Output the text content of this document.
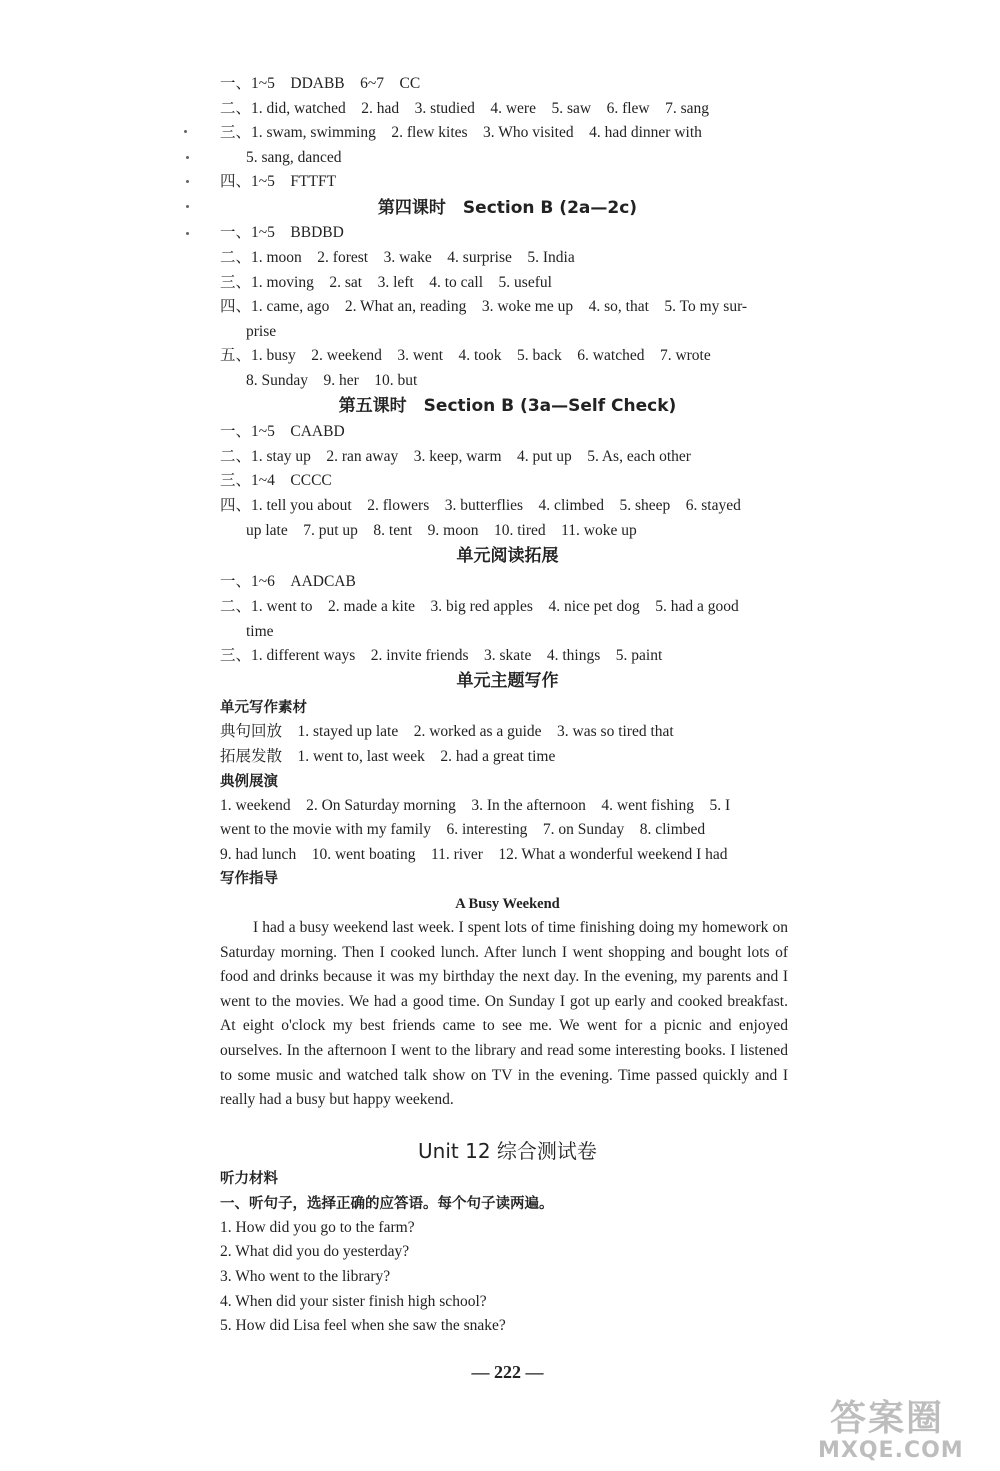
一、1~5　DDABB　6~7　CC
二、1. did, watched　2. had　3. studied　4. were　5. saw　6. flew　7. sang
三、1. swam, swimming　2. flew kites　3. Who visited　4. had dinner with
5. sang, danced
四、1~5　FTTFT
第四课时　Section B (2a—2c)
一、1~5　BBDBD
二、1. moon　2. forest　3. wake　4. surprise　5. India
三、1. moving　2. sat　3. left　4. to call　5. useful
四、1. came, ago　2. What an, reading　3. woke me up　4. so, that　5. To my sur-
prise
五、1. busy　2. weekend　3. went　4. took　5. back　6. watched　7. wrote
8. Sunday　9. her　10. but
第五课时　Section B (3a—Self Check)
一、1~5　CAABD
二、1. stay up　2. ran away　3. keep, warm　4. put up　5. As, each other
三、1~4　CCCC
四、1. tell you about　2. flowers　3. butterflies　4. climbed　5. sheep　6. stayed
up late　7. put up　8. tent　9. moon　10. tired　11. woke up
单元阅读拓展
一、1~6　AADCAB
二、1. went to　2. made a kite　3. big red apples　4. nice pet dog　5. had a good
time
三、1. different ways　2. invite friends　3. skate　4. things　5. paint
单元主题写作
单元写作素材
典句回放　1. stayed up late　2. worked as a guide　3. was so tired that
拓展发散　1. went to, last week　2. had a great time
典例展演
1. weekend　2. On Saturday morning　3. In the afternoon　4. went fishing　5. I
went to the movie with my family　6. interesting　7. on Sunday　8. climbed
9. had lunch　10. went boating　11. river　12. What a wonderful weekend I had
写作指导
A Busy Weekend
I had a busy weekend last week. I spent lots of time finishing doing my homework on Saturday morning. Then I cooked lunch. After lunch I went shopping and bought lots of food and drinks because it was my birthday the next day. In the evening, my parents and I went to the movies. We had a good time. On Sunday I got up early and cooked breakfast. At eight o'clock my best friends came to see me. We went for a picnic and enjoyed ourselves. In the afternoon I went to the library and read some interesting books. I listened to some music and watched talk show on TV in the evening. Time passed quickly and I really had a busy but happy weekend.
Unit 12 综合测试卷
听力材料
一、听句子，选择正确的应答语。每个句子读两遍。
1. How did you go to the farm?
2. What did you do yesterday?
3. Who went to the library?
4. When did your sister finish high school?
5. How did Lisa feel when she saw the snake?
— 222 —
答案圈
MXQE.COM
